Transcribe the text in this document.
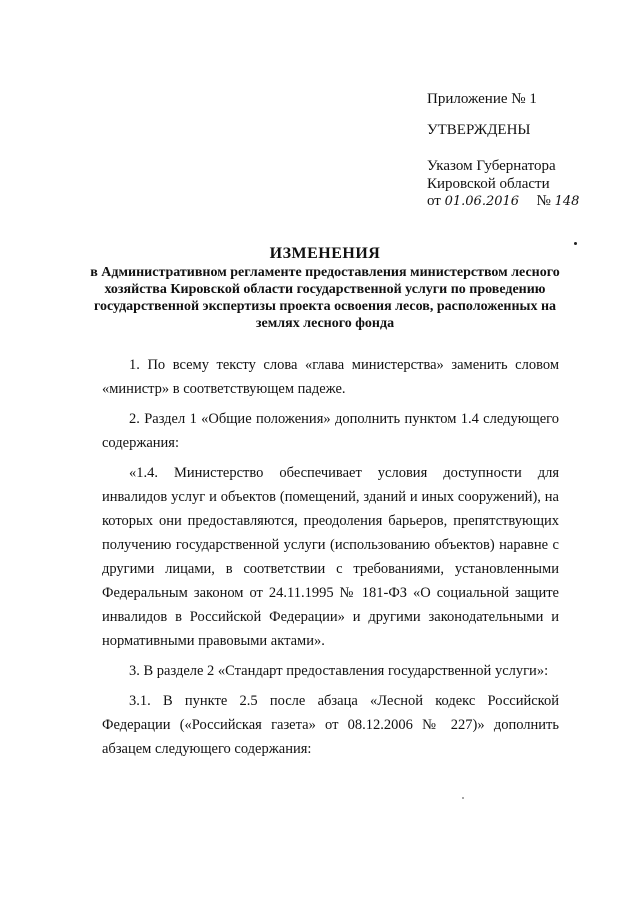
Приложение № 1
УТВЕРЖДЕНЫ
Указом Губернатора
Кировской области
от 01.06.2016 № 148
ИЗМЕНЕНИЯ
в Административном регламенте предоставления министерством лесного хозяйства Кировской области государственной услуги по проведению государственной экспертизы проекта освоения лесов, расположенных на землях лесного фонда

1. По всему тексту слова «глава министерства» заменить словом «министр» в соответствующем падеже.

2. Раздел 1 «Общие положения» дополнить пунктом 1.4 следующего содержания:

«1.4. Министерство обеспечивает условия доступности для инвалидов услуг и объектов (помещений, зданий и иных сооружений), на которых они предоставляются, преодоления барьеров, препятствующих получению государственной услуги (использованию объектов) наравне с другими лицами, в соответствии с требованиями, установленными Федеральным законом от 24.11.1995 № 181-ФЗ «О социальной защите инвалидов в Российской Федерации» и другими законодательными и нормативными правовыми актами».

3. В разделе 2 «Стандарт предоставления государственной услуги»:

3.1. В пункте 2.5 после абзаца «Лесной кодекс Российской Федерации («Российская газета» от 08.12.2006 № 227)» дополнить абзацем следующего содержания:
